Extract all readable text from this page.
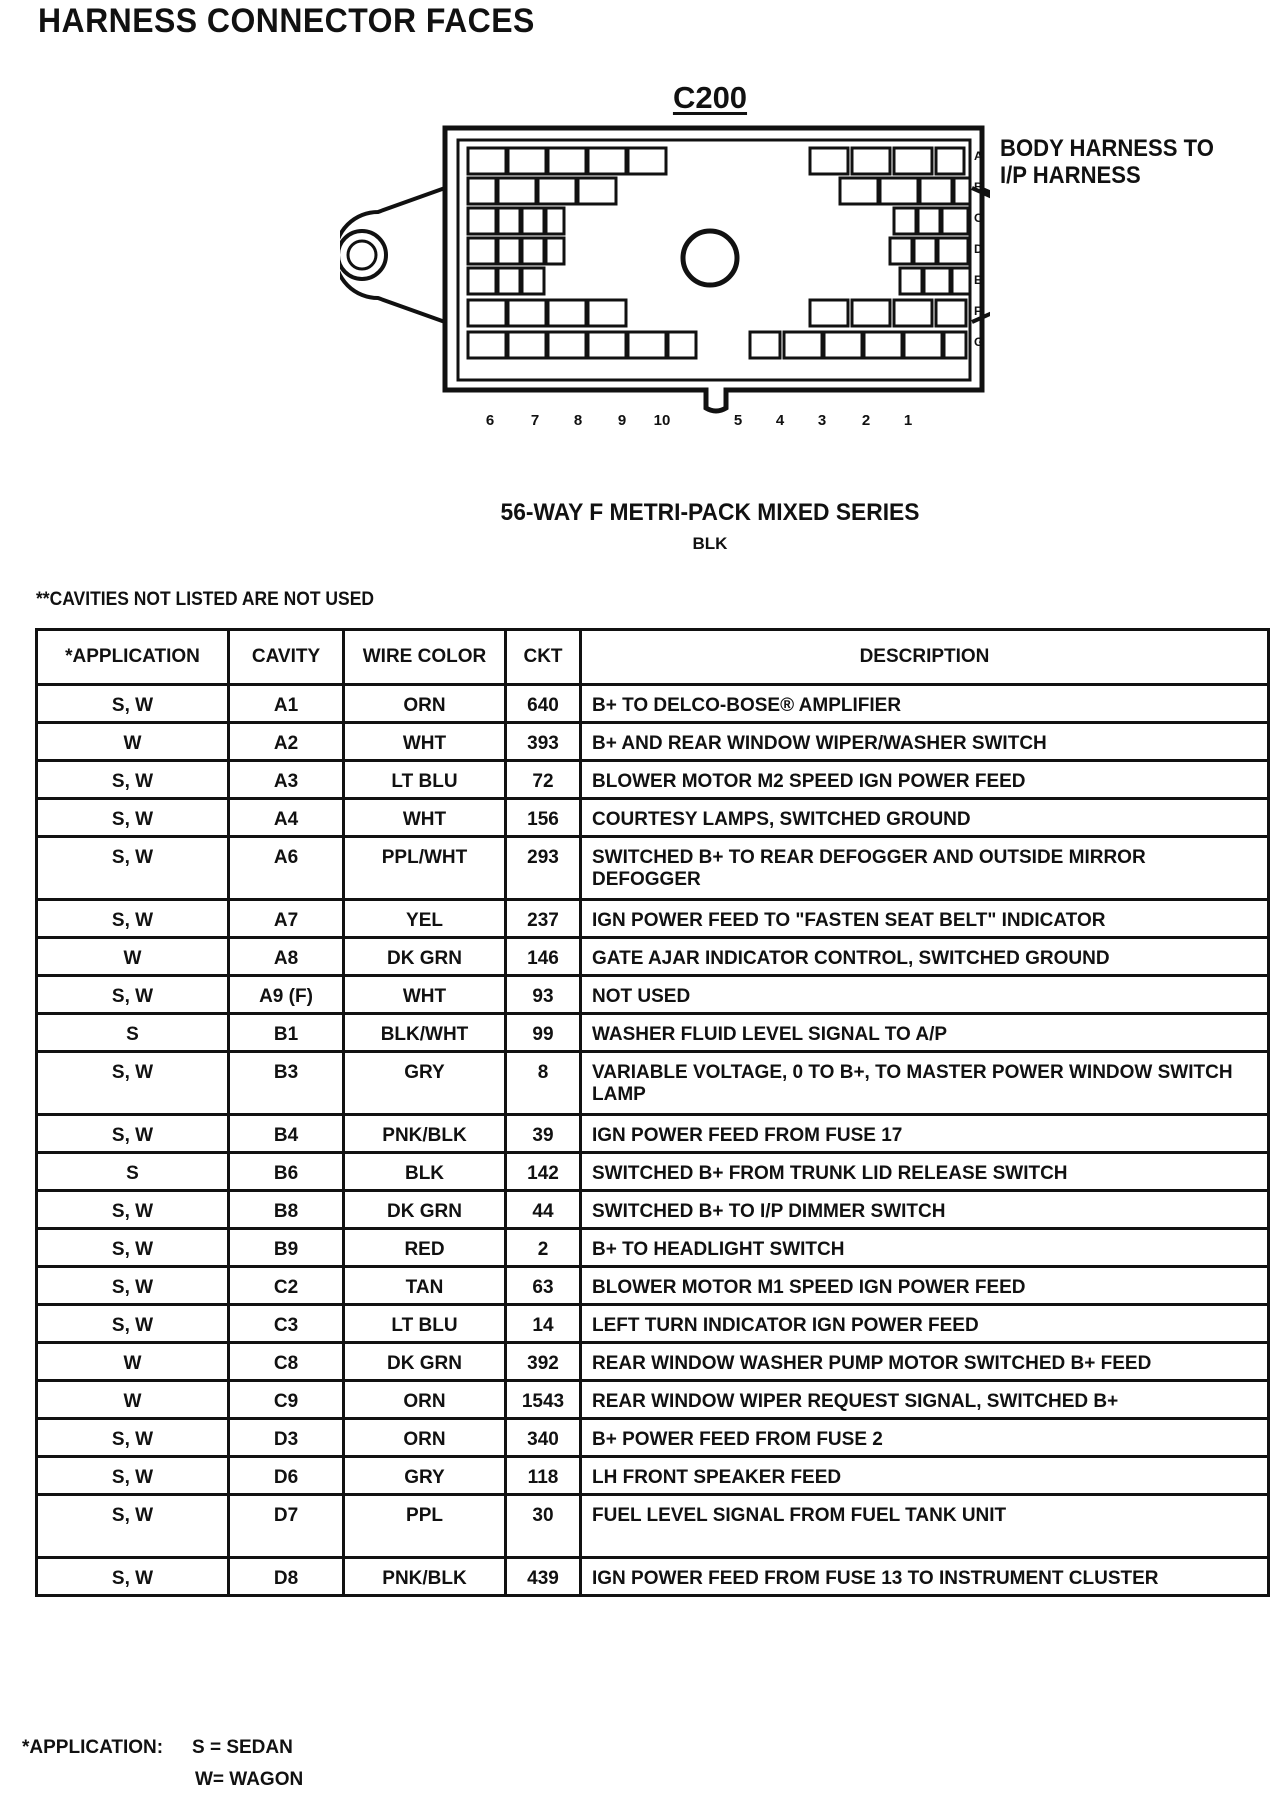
HARNESS CONNECTOR FACES
C200
BODY HARNESS TO
I/P HARNESS
A
B
C
D
E
F
G
6 7 8 9 10	5 4 3 2 1
56-WAY F METRI-PACK MIXED SERIES
BLK
**CAVITIES NOT LISTED ARE NOT USED
*APPLICATION	CAVITY	WIRE COLOR	CKT	DESCRIPTION
S, W	A1	ORN	640	B+ TO DELCO-BOSE® AMPLIFIER
W	A2	WHT	393	B+ AND REAR WINDOW WIPER/WASHER SWITCH
S, W	A3	LT BLU	72	BLOWER MOTOR M2 SPEED IGN POWER FEED
S, W	A4	WHT	156	COURTESY LAMPS, SWITCHED GROUND
S, W	A6	PPL/WHT	293	SWITCHED B+ TO REAR DEFOGGER AND OUTSIDE MIRROR DEFOGGER
S, W	A7	YEL	237	IGN POWER FEED TO "FASTEN SEAT BELT" INDICATOR
W	A8	DK GRN	146	GATE AJAR INDICATOR CONTROL, SWITCHED GROUND
S, W	A9 (F)	WHT	93	NOT USED
S	B1	BLK/WHT	99	WASHER FLUID LEVEL SIGNAL TO A/P
S, W	B3	GRY	8	VARIABLE VOLTAGE, 0 TO B+, TO MASTER POWER WINDOW SWITCH LAMP
S, W	B4	PNK/BLK	39	IGN POWER FEED FROM FUSE 17
S	B6	BLK	142	SWITCHED B+ FROM TRUNK LID RELEASE SWITCH
S, W	B8	DK GRN	44	SWITCHED B+ TO I/P DIMMER SWITCH
S, W	B9	RED	2	B+ TO HEADLIGHT SWITCH
S, W	C2	TAN	63	BLOWER MOTOR M1 SPEED IGN POWER FEED
S, W	C3	LT BLU	14	LEFT TURN INDICATOR IGN POWER FEED
W	C8	DK GRN	392	REAR WINDOW WASHER PUMP MOTOR SWITCHED B+ FEED
W	C9	ORN	1543	REAR WINDOW WIPER REQUEST SIGNAL, SWITCHED B+
S, W	D3	ORN	340	B+ POWER FEED FROM FUSE 2
S, W	D6	GRY	118	LH FRONT SPEAKER FEED
S, W	D7	PPL	30	FUEL LEVEL SIGNAL FROM FUEL TANK UNIT
S, W	D8	PNK/BLK	439	IGN POWER FEED FROM FUSE 13 TO INSTRUMENT CLUSTER
*APPLICATION: S = SEDAN
W= WAGON
